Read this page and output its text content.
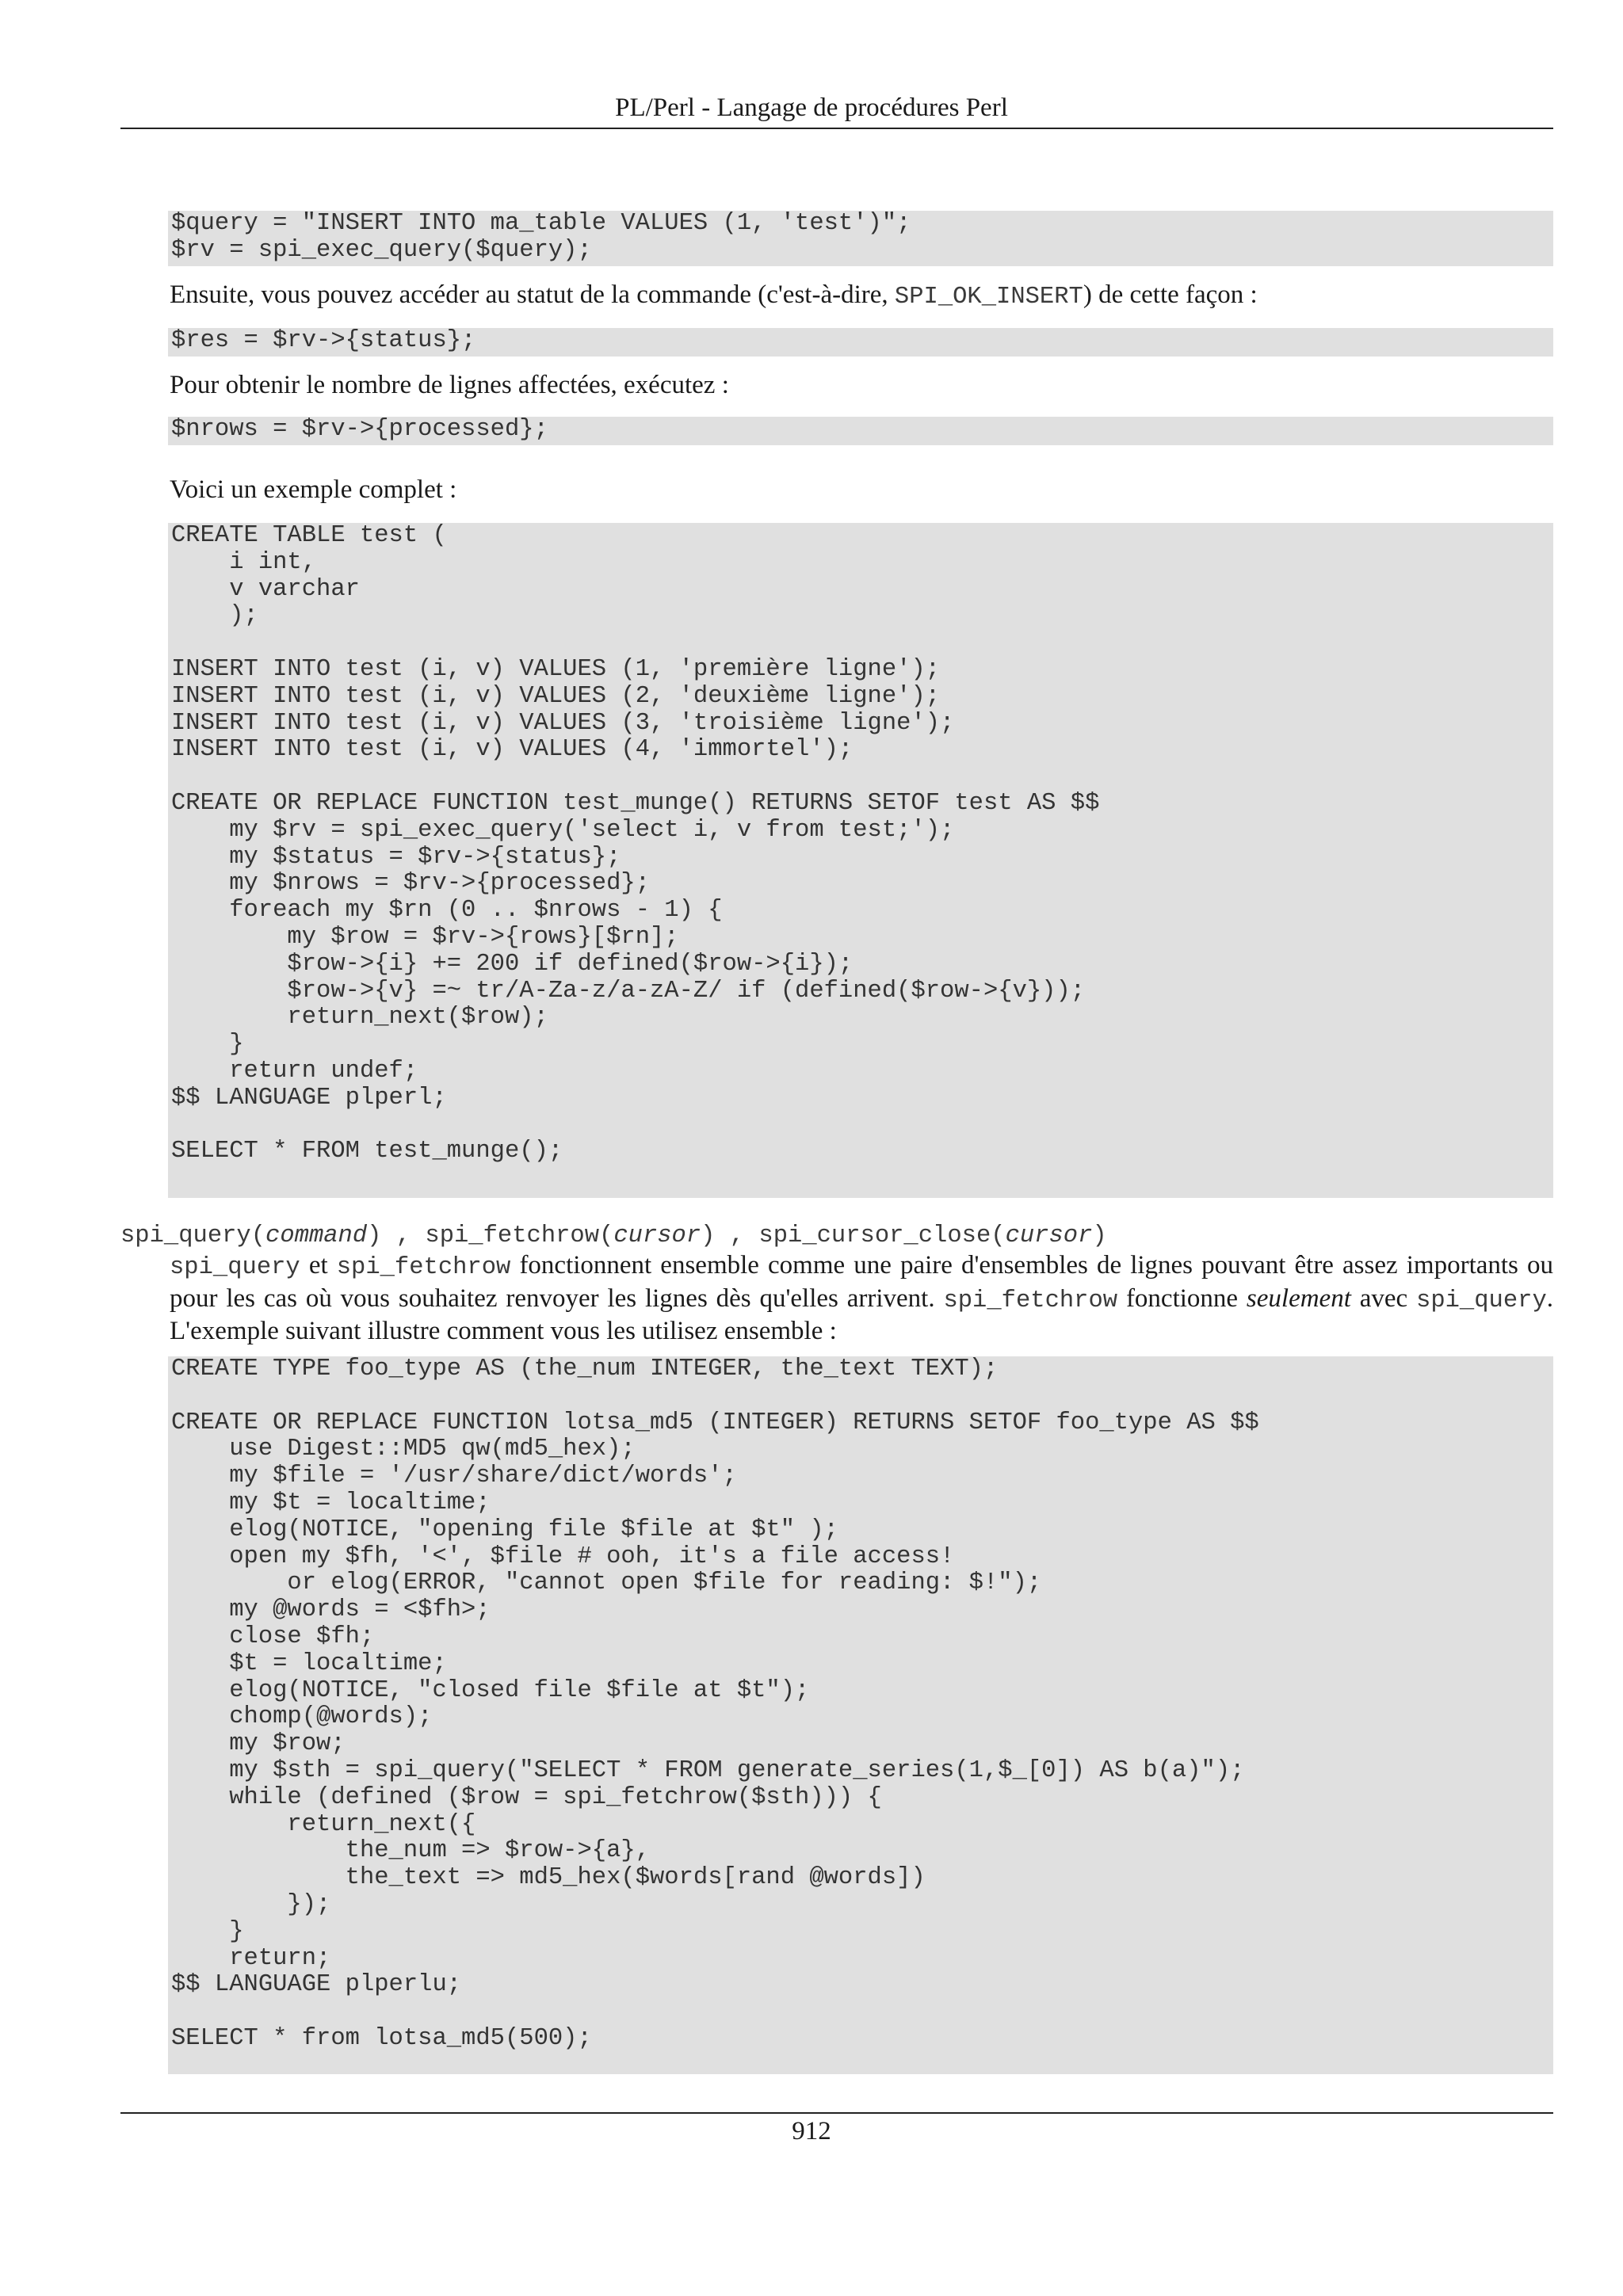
PL/Perl - Langage de procédures Perl
$query = "INSERT INTO ma_table VALUES (1, 'test')";
$rv = spi_exec_query($query);

Ensuite, vous pouvez accéder au statut de la commande (c'est-à-dire, SPI_OK_INSERT) de cette façon :

$res = $rv->{status};

Pour obtenir le nombre de lignes affectées, exécutez :

$nrows = $rv->{processed};

Voici un exemple complet :

CREATE TABLE test (
i int,
v varchar
);

INSERT INTO test (i, v) VALUES (1, 'première ligne');
INSERT INTO test (i, v) VALUES (2, 'deuxième ligne');
INSERT INTO test (i, v) VALUES (3, 'troisième ligne');
INSERT INTO test (i, v) VALUES (4, 'immortel');

CREATE OR REPLACE FUNCTION test_munge() RETURNS SETOF test AS $$
my $rv = spi_exec_query('select i, v from test;');
my $status = $rv->{status};
my $nrows = $rv->{processed};
foreach my $rn (0 .. $nrows - 1) {
my $row = $rv->{rows}[$rn];
$row->{i} += 200 if defined($row->{i});
$row->{v} =~ tr/A-Za-z/a-zA-Z/ if (defined($row->{v}));
return_next($row);
}
return undef;
$$ LANGUAGE plperl;

SELECT * FROM test_munge();

spi_query(command) , spi_fetchrow(cursor) , spi_cursor_close(cursor)

spi_query et spi_fetchrow fonctionnent ensemble comme une paire d'ensembles de lignes pouvant être assez importants ou pour les cas où vous souhaitez renvoyer les lignes dès qu'elles arrivent. spi_fetchrow fonctionne seulement avec spi_query. L'exemple suivant illustre comment vous les utilisez ensemble :

CREATE TYPE foo_type AS (the_num INTEGER, the_text TEXT);

CREATE OR REPLACE FUNCTION lotsa_md5 (INTEGER) RETURNS SETOF foo_type AS $$
use Digest::MD5 qw(md5_hex);
my $file = '/usr/share/dict/words';
my $t = localtime;
elog(NOTICE, "opening file $file at $t" );
open my $fh, '<', $file # ooh, it's a file access!
or elog(ERROR, "cannot open $file for reading: $!");
my @words = <$fh>;
close $fh;
$t = localtime;
elog(NOTICE, "closed file $file at $t");
chomp(@words);
my $row;
my $sth = spi_query("SELECT * FROM generate_series(1,$_[0]) AS b(a)");
while (defined ($row = spi_fetchrow($sth))) {
return_next({
the_num => $row->{a},
the_text => md5_hex($words[rand @words])
});
}
return;
$$ LANGUAGE plperlu;

SELECT * from lotsa_md5(500);

912
